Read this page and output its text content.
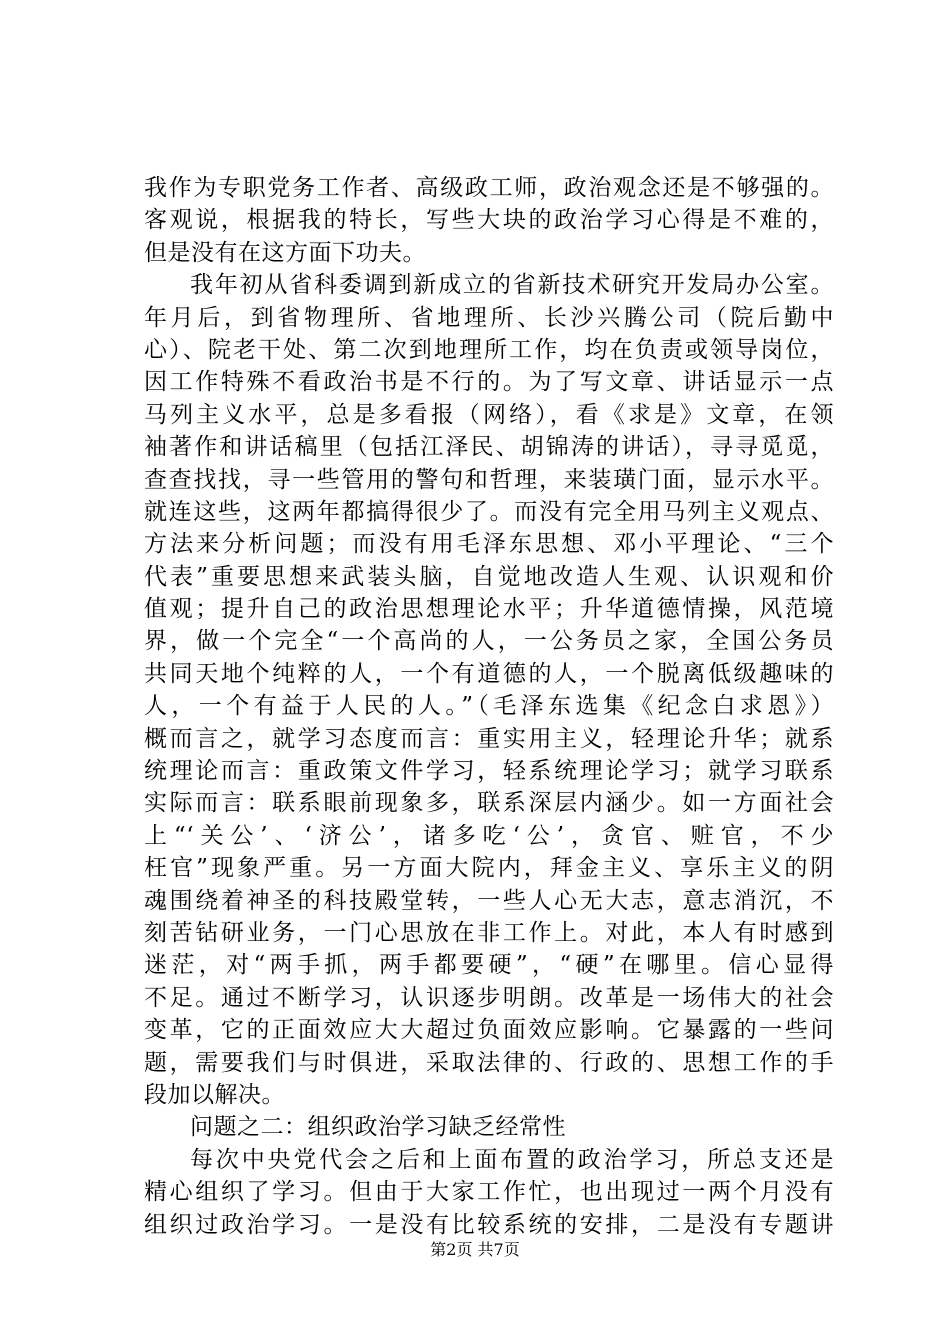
我作为专职党务工作者、高级政工师，政治观念还是不够强的。
客观说，根据我的特长，写些大块的政治学习心得是不难的，
但是没有在这方面下功夫。
我年初从省科委调到新成立的省新技术研究开发局办公室。
年月后，到省物理所、省地理所、长沙兴腾公司（院后勤中
心）、院老干处、第二次到地理所工作，均在负责或领导岗位，
因工作特殊不看政治书是不行的。为了写文章、讲话显示一点
马列主义水平，总是多看报（网络），看《求是》文章，在领
袖著作和讲话稿里（包括江泽民、胡锦涛的讲话），寻寻觅觅，
查查找找，寻一些管用的警句和哲理，来装璜门面，显示水平。
就连这些，这两年都搞得很少了。而没有完全用马列主义观点、
方法来分析问题；而没有用毛泽东思想、邓小平理论、“三个
代表”重要思想来武装头脑，自觉地改造人生观、认识观和价
值观；提升自己的政治思想理论水平；升华道德情操，风范境
界，做一个完全“一个高尚的人，一公务员之家，全国公务员
共同天地个纯粹的人，一个有道德的人，一个脱离低级趣味的
人，一个有益于人民的人。”（毛泽东选集《纪念白求恩》）
概而言之，就学习态度而言：重实用主义，轻理论升华；就系
统理论而言：重政策文件学习，轻系统理论学习；就学习联系
实际而言：联系眼前现象多，联系深层内涵少。如一方面社会
上“‘关公’、‘济公’，诸多吃‘公’，贪官、赃官，不少
枉官”现象严重。另一方面大院内，拜金主义、享乐主义的阴
魂围绕着神圣的科技殿堂转，一些人心无大志，意志消沉，不
刻苦钻研业务，一门心思放在非工作上。对此，本人有时感到
迷茫，对“两手抓，两手都要硬”，“硬”在哪里。信心显得
不足。通过不断学习，认识逐步明朗。改革是一场伟大的社会
变革，它的正面效应大大超过负面效应影响。它暴露的一些问
题，需要我们与时俱进，采取法律的、行政的、思想工作的手
段加以解决。
问题之二：组织政治学习缺乏经常性
每次中央党代会之后和上面布置的政治学习，所总支还是
精心组织了学习。但由于大家工作忙，也出现过一两个月没有
组织过政治学习。一是没有比较系统的安排，二是没有专题讲
第2页 共7页
